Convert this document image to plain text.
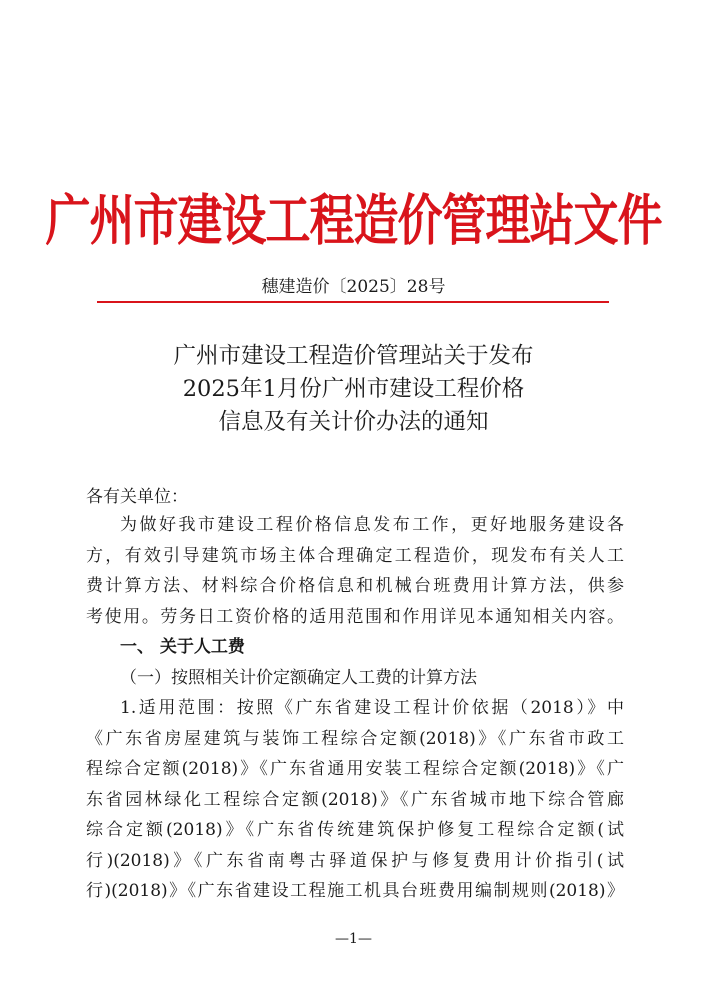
广州市建设工程造价管理站文件
穗建造价〔2025〕28号
广州市建设工程造价管理站关于发布
2025年1月份广州市建设工程价格
信息及有关计价办法的通知
各有关单位：
为做好我市建设工程价格信息发布工作，更好地服务建设各
方，有效引导建筑市场主体合理确定工程造价，现发布有关人工
费计算方法、材料综合价格信息和机械台班费用计算方法，供参
考使用。劳务日工资价格的适用范围和作用详见本通知相关内容。
一、 关于人工费
（一）按照相关计价定额确定人工费的计算方法
1.适用范围：按照《广东省建设工程计价依据（2018）》中
《广东省房屋建筑与装饰工程综合定额(2018)》《广东省市政工
程综合定额(2018)》《广东省通用安装工程综合定额(2018)》《广
东省园林绿化工程综合定额(2018)》《广东省城市地下综合管廊
综合定额(2018)》《广东省传统建筑保护修复工程综合定额(试
行)(2018)》《广东省南粤古驿道保护与修复费用计价指引(试
行)(2018)》《广东省建设工程施工机具台班费用编制规则(2018)》
—1—
